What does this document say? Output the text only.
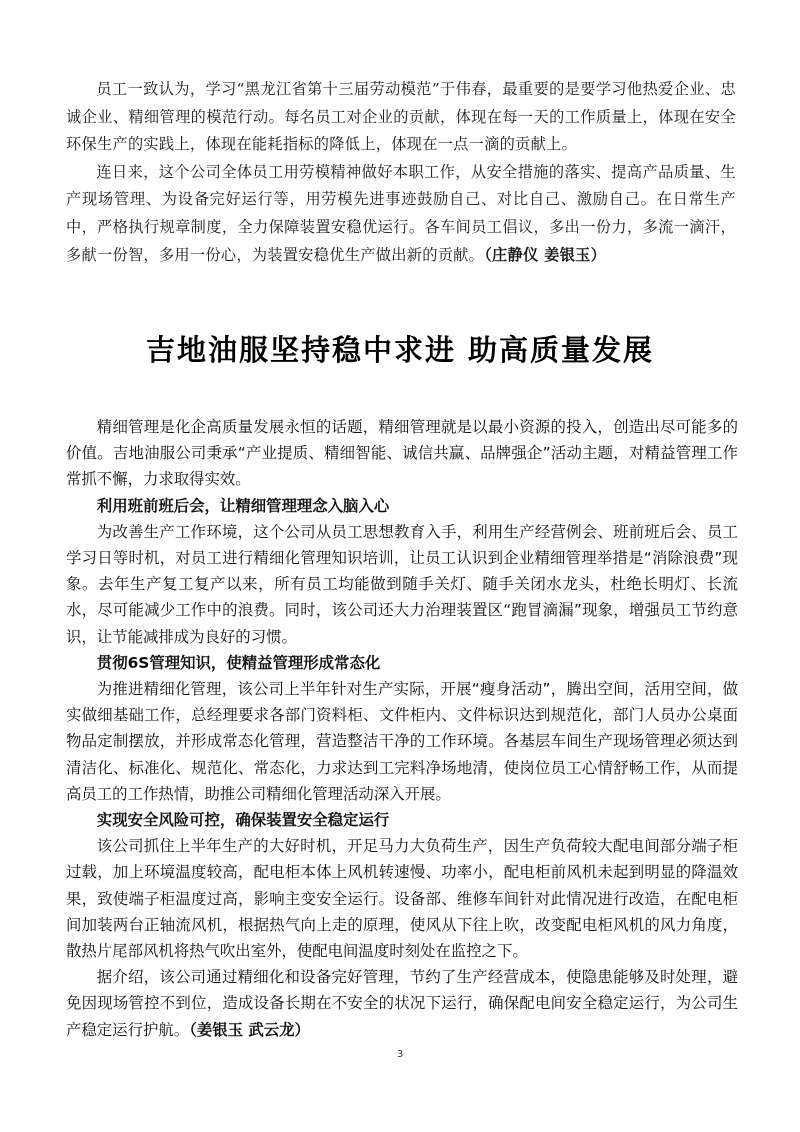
员工一致认为，学习“黑龙江省第十三届劳动模范”于伟春，最重要的是要学习他热爱企业、忠诚企业、精细管理的模范行动。每名员工对企业的贡献，体现在每一天的工作质量上，体现在安全环保生产的实践上，体现在能耗指标的降低上，体现在一点一滴的贡献上。

连日来，这个公司全体员工用劳模精神做好本职工作，从安全措施的落实、提高产品质量、生产现场管理、为设备完好运行等，用劳模先进事迹鼓励自己、对比自己、激励自己。在日常生产中，严格执行规章制度，全力保障装置安稳优运行。各车间员工倡议，多出一份力，多流一滴汗，多献一份智，多用一份心，为装置安稳优生产做出新的贡献。（庄静仪 姜银玉）

吉地油服坚持稳中求进 助高质量发展

精细管理是化企高质量发展永恒的话题，精细管理就是以最小资源的投入，创造出尽可能多的价值。吉地油服公司秉承“产业提质、精细智能、诚信共赢、品牌强企”活动主题，对精益管理工作常抓不懈，力求取得实效。

利用班前班后会，让精细管理理念入脑入心

为改善生产工作环境，这个公司从员工思想教育入手，利用生产经营例会、班前班后会、员工学习日等时机，对员工进行精细化管理知识培训，让员工认识到企业精细管理举措是“消除浪费”现象。去年生产复工复产以来，所有员工均能做到随手关灯、随手关闭水龙头，杜绝长明灯、长流水，尽可能减少工作中的浪费。同时，该公司还大力治理装置区“跑冒滴漏”现象，增强员工节约意识，让节能减排成为良好的习惯。

贯彻6S管理知识，使精益管理形成常态化

为推进精细化管理，该公司上半年针对生产实际，开展“瘦身活动”，腾出空间，活用空间，做实做细基础工作，总经理要求各部门资料柜、文件柜内、文件标识达到规范化，部门人员办公桌面物品定制摆放，并形成常态化管理，营造整洁干净的工作环境。各基层车间生产现场管理必须达到清洁化、标准化、规范化、常态化，力求达到工完料净场地清，使岗位员工心情舒畅工作，从而提高员工的工作热情，助推公司精细化管理活动深入开展。

实现安全风险可控，确保装置安全稳定运行

该公司抓住上半年生产的大好时机，开足马力大负荷生产，因生产负荷较大配电间部分端子柜过载，加上环境温度较高，配电柜本体上风机转速慢、功率小，配电柜前风机未起到明显的降温效果，致使端子柜温度过高，影响主变安全运行。设备部、维修车间针对此情况进行改造，在配电柜间加装两台正轴流风机，根据热气向上走的原理，使风从下往上吹，改变配电柜风机的风力角度，散热片尾部风机将热气吹出室外，使配电间温度时刻处在监控之下。

据介绍，该公司通过精细化和设备完好管理，节约了生产经营成本，使隐患能够及时处理，避免因现场管控不到位，造成设备长期在不安全的状况下运行，确保配电间安全稳定运行，为公司生产稳定运行护航。（姜银玉 武云龙）

3
